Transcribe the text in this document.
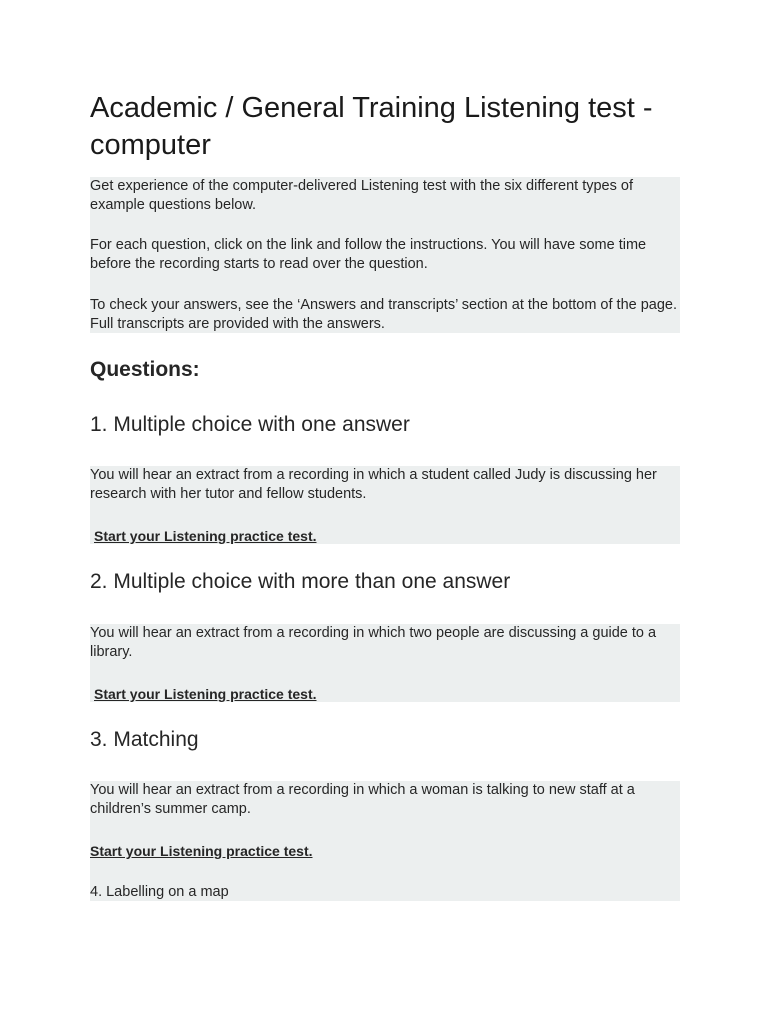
Academic / General Training Listening test - computer

Get experience of the computer-delivered Listening test with the six different types of example questions below.

For each question, click on the link and follow the instructions. You will have some time before the recording starts to read over the question.

To check your answers, see the ‘Answers and transcripts’ section at the bottom of the page. Full transcripts are provided with the answers.

Questions:
1. Multiple choice with one answer

You will hear an extract from a recording in which a student called Judy is discussing her research with her tutor and fellow students.

Start your Listening practice test.
2. Multiple choice with more than one answer

You will hear an extract from a recording in which two people are discussing a guide to a library.

Start your Listening practice test.
3. Matching

You will hear an extract from a recording in which a woman is talking to new staff at a children’s summer camp.

Start your Listening practice test.

4. Labelling on a map
